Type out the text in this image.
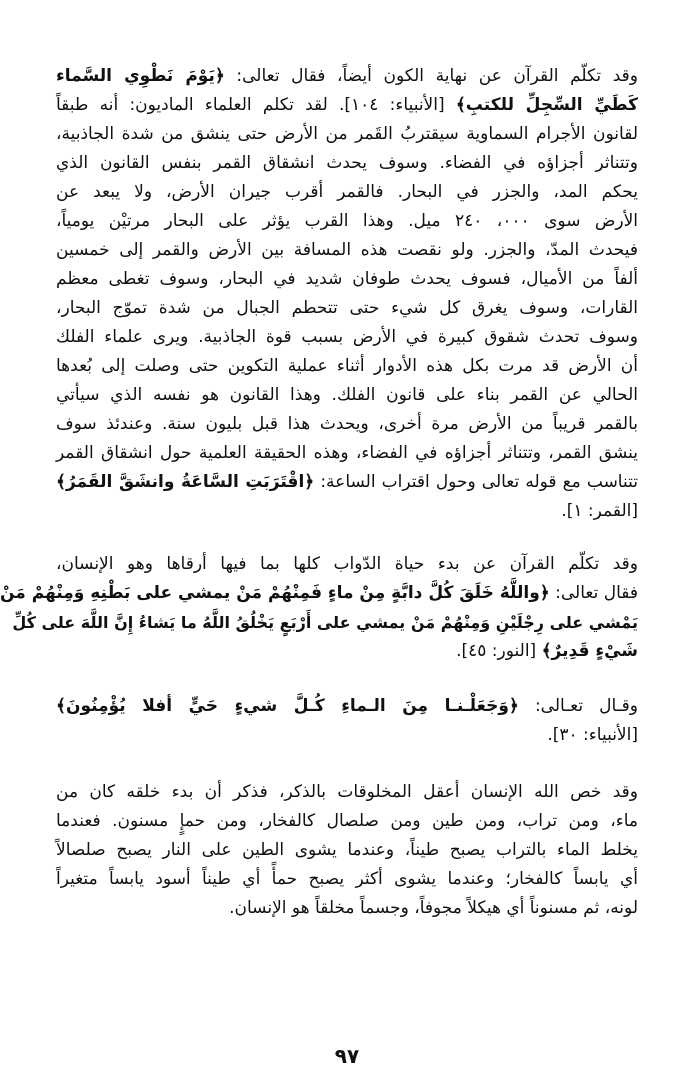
وقد تكلّم القرآن عن نهاية الكون أيضاً، فقال تعالى: ﴿يَوْمَ نَطْوِي السَّماء
كَطَيِّ السِّجِلِّ للكتبِ﴾ [الأنبياء: ١٠٤]. لقد تكلم العلماء الماديون: أنه طبقاً
لقانون الأجرام السماوية سيقتربُ القَمر من الأرض حتى ينشق من شدة الجاذبية،
وتتناثر أجزاؤه في الفضاء. وسوف يحدث انشقاق القمر بنفس القانون الذي
يحكم المد، والجزر في البحار. فالقمر أقرب جيران الأرض، ولا يبعد عن
الأرض سوى ٠٠٠، ٢٤٠ ميل. وهذا القرب يؤثر على البحار مرتيْن يومياً،
فيحدث المدّ، والجزر. ولو نقصت هذه المسافة بين الأرض والقمر إلى خمسين
ألفاً من الأميال، فسوف يحدث طوفان شديد في البحار، وسوف تغطى معظم
القارات، وسوف يغرق كل شيء حتى تتحطم الجبال من شدة تموّج البحار،
وسوف تحدث شقوق كبيرة في الأرض بسبب قوة الجاذبية. ويرى علماء الفلك
أن الأرض قد مرت بكل هذه الأدوار أثناء عملية التكوين حتى وصلت إلى بُعدها
الحالي عن القمر بناء على قانون الفلك. وهذا القانون هو نفسه الذي سيأتي
بالقمر قريباً من الأرض مرة أخرى، ويحدث هذا قبل بليون سنة. وعندئذ سوف
ينشق القمر، وتتناثر أجزاؤه في الفضاء، وهذه الحقيقة العلمية حول انشقاق القمر
تتناسب مع قوله تعالى وحول اقتراب الساعة: ﴿اقْتَرَبَتِ السَّاعَةُ وانشَقَّ القَمَرُ﴾
[القمر: ١].
وقد تكلّم القرآن عن بدء حياة الدّواب كلها بما فيها أرقاها وهو الإنسان،
فقال تعالى: ﴿واللَّهُ خَلَقَ كُلَّ دابَّةٍ مِنْ ماءٍ فَمِنْهُمْ مَنْ يمشي على بَطْنِهِ وَمِنْهُمْ مَنْ
يَمْشي على رِجْلَيْنِ وَمِنْهُمْ مَنْ يمشي على أَرْبَعٍ يَخْلُقُ اللَّهُ ما يَشاءُ إِنَّ اللَّهَ على كُلِّ
شَيْءٍ قَدِيرٌ﴾ [النور: ٤٥].
وقـال تعـالى: ﴿وَجَعَلْـنـا مِنَ الـماءِ كُـلَّ شيءٍ حَيٍّ أفلا يُؤْمِنُونَ﴾
[الأنبياء: ٣٠].
وقد خص الله الإنسان أعقل المخلوقات بالذكر، فذكر أن بدء خلقه كان من
ماء، ومن تراب، ومن طين ومن صلصال كالفخار، ومن حمإٍ مسنون. فعندما
يخلط الماء بالتراب يصبح طيناً، وعندما يشوى الطين على النار يصبح صلصالاً
أي يابساً كالفخار؛ وعندما يشوى أكثر يصبح حمأً أي طيناً أسود يابساً متغيراً
لونه، ثم مسنوناً أي هيكلاً مجوفاً، وجسماً مخلقاً هو الإنسان.
٩٧
